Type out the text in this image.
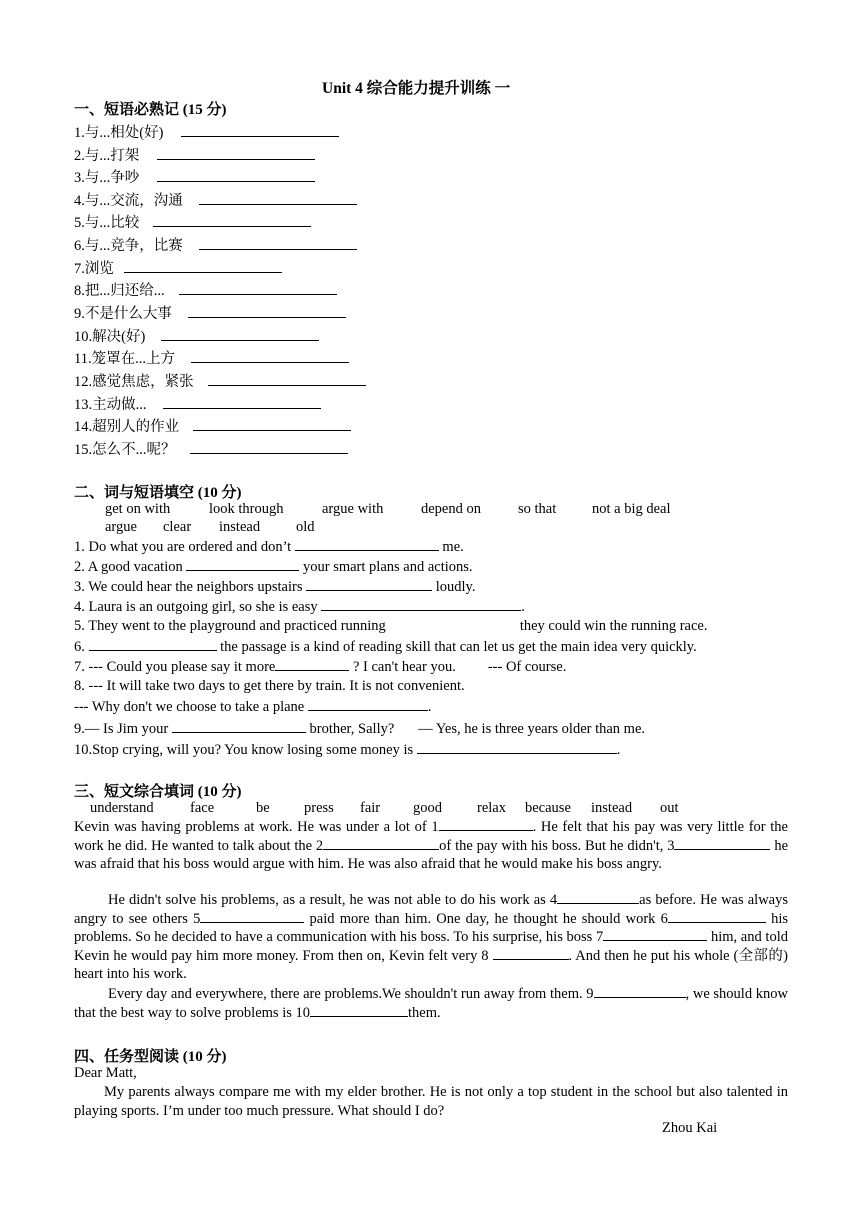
Unit 4 综合能力提升训练 一
一、短语必熟记 (15 分)
1.与...相处(好)
2.与...打架
3.与...争吵
4.与...交流，沟通
5.与...比较
6.与...竞争，比赛
7.浏览
8.把...归还给...
9.不是什么大事
10.解决(好)
11.笼罩在...上方
12.感觉焦虑，紧张
13.主动做...
14.超别人的作业
15.怎么不...呢？
二、词与短语填空 (10 分)
get on with	look through	argue with	depend on	so that not a big deal
argue clear instead old
1. Do what you are ordered and don’t	me.
2. A good vacation	your smart plans and actions.
3. We could hear the neighbors upstairs	loudly.
4. Laura is an outgoing girl, so she is easy	.
5. They went to the playground and practiced running	they could win the running race.
6.	the passage is a kind of reading skill that can let us get the main idea very quickly.
7. --- Could you please say it more	? I can't hear you. --- Of course.
8. --- It will take two days to get there by train. It is not convenient.
--- Why don't we choose to take a plane	.
9.— Is Jim your	brother, Sally? — Yes, he is three years older than me.
10.Stop crying, will you? You know losing some money is	.
三、短文综合填词 (10 分)
understand	face	be press fair good relax because instead out
Kevin was having problems at work. He was under a lot of 1	. He felt that his pay was very little for the work he did. He wanted to talk about the 2	of the pay with his boss. But he didn't, 3	he was afraid that his boss would argue with him. He was also afraid that he would make his boss angry.
He didn't solve his problems, as a result, he was not able to do his work as 4	as before. He was always angry to see others 5	paid more than him. One day, he thought he should work 6	his problems. So he decided to have a communication with his boss. To his surprise, his boss 7	him, and told Kevin he would pay him more money. From then on, Kevin felt very 8	. And then he put his whole (全部的) heart into his work.
Every day and everywhere, there are problems.We shouldn't run away from them. 9	, we should know that the best way to solve problems is 10	them.
四、任务型阅读 (10 分)
Dear Matt,
My parents always compare me with my elder brother. He is not only a top student in the school but also talented in playing sports. I’m under too much pressure. What should I do?
Zhou Kai
